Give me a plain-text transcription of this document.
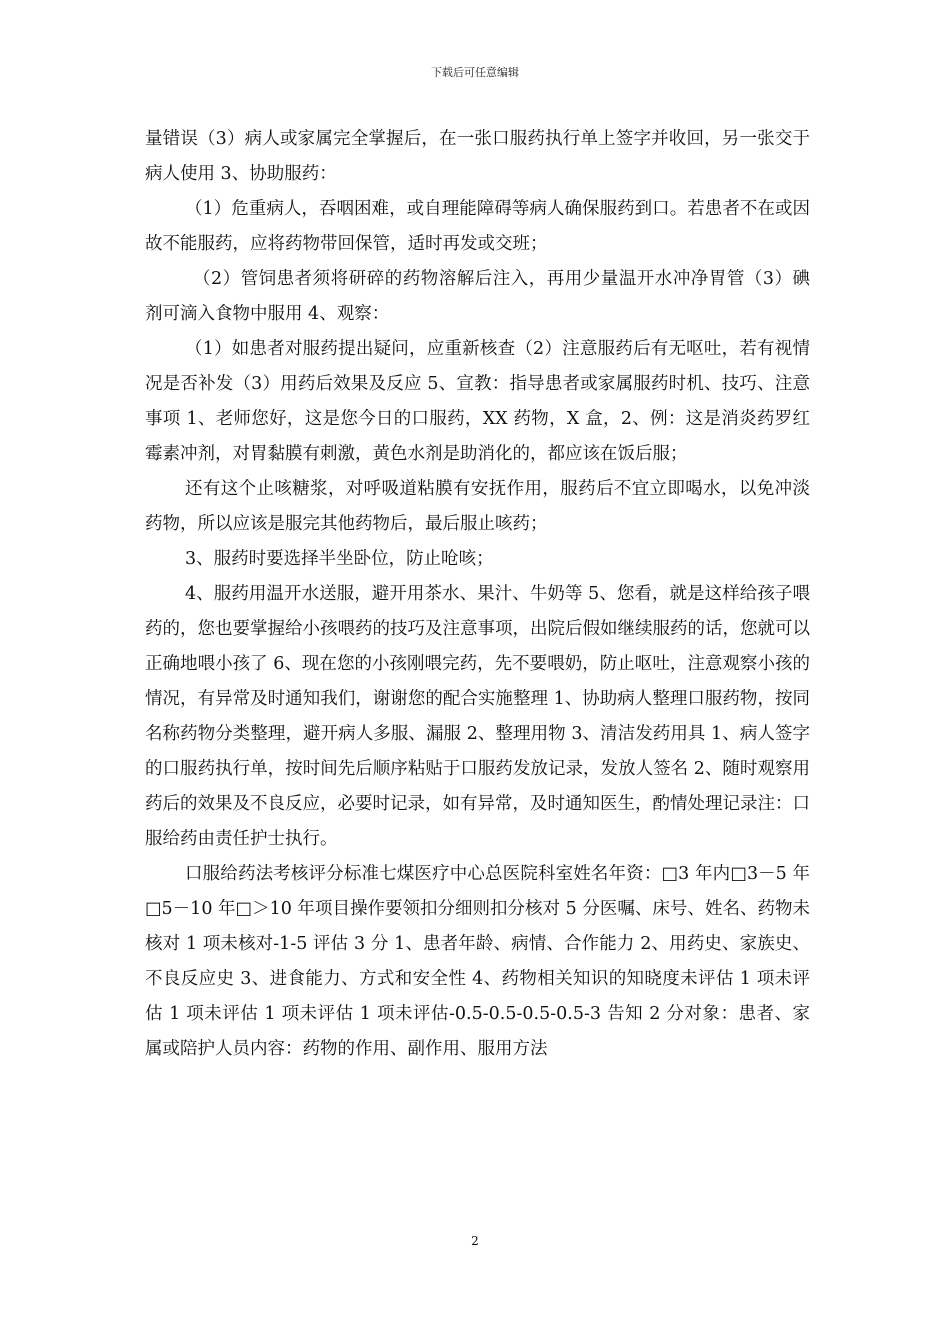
下载后可任意编辑

量错误（3）病人或家属完全掌握后，在一张口服药执行单上签字并收回，另一张交于病人使用 3、协助服药：

（1）危重病人，吞咽困难，或自理能障碍等病人确保服药到口。若患者不在或因故不能服药，应将药物带回保管，适时再发或交班；

（2）管饲患者须将研碎的药物溶解后注入，再用少量温开水冲净胃管（3）碘剂可滴入食物中服用 4、观察：

（1）如患者对服药提出疑问，应重新核查（2）注意服药后有无呕吐，若有视情况是否补发（3）用药后效果及反应 5、宣教：指导患者或家属服药时机、技巧、注意事项 1、老师您好，这是您今日的口服药，XX 药物，X 盒，2、例：这是消炎药罗红霉素冲剂，对胃黏膜有刺激，黄色水剂是助消化的，都应该在饭后服；

还有这个止咳糖浆，对呼吸道粘膜有安抚作用，服药后不宜立即喝水，以免冲淡药物，所以应该是服完其他药物后，最后服止咳药；

3、服药时要选择半坐卧位，防止呛咳；

4、服药用温开水送服，避开用茶水、果汁、牛奶等 5、您看，就是这样给孩子喂药的，您也要掌握给小孩喂药的技巧及注意事项，出院后假如继续服药的话，您就可以正确地喂小孩了 6、现在您的小孩刚喂完药，先不要喂奶，防止呕吐，注意观察小孩的情况，有异常及时通知我们，谢谢您的配合实施整理 1、协助病人整理口服药物，按同名称药物分类整理，避开病人多服、漏服 2、整理用物 3、清洁发药用具 1、病人签字的口服药执行单，按时间先后顺序粘贴于口服药发放记录，发放人签名 2、随时观察用药后的效果及不良反应，必要时记录，如有异常，及时通知医生，酌情处理记录注：口服给药由责任护士执行。

口服给药法考核评分标准七煤医疗中心总医院科室姓名年资：□3 年内□3－5 年□5－10 年□＞10 年项目操作要领扣分细则扣分核对 5 分医嘱、床号、姓名、药物未核对 1 项未核对-1-5 评估 3 分 1、患者年龄、病情、合作能力 2、用药史、家族史、不良反应史 3、进食能力、方式和安全性 4、药物相关知识的知晓度未评估 1 项未评估 1 项未评估 1 项未评估 1 项未评估-0.5-0.5-0.5-0.5-3 告知 2 分对象：患者、家属或陪护人员内容：药物的作用、副作用、服用方法

2
